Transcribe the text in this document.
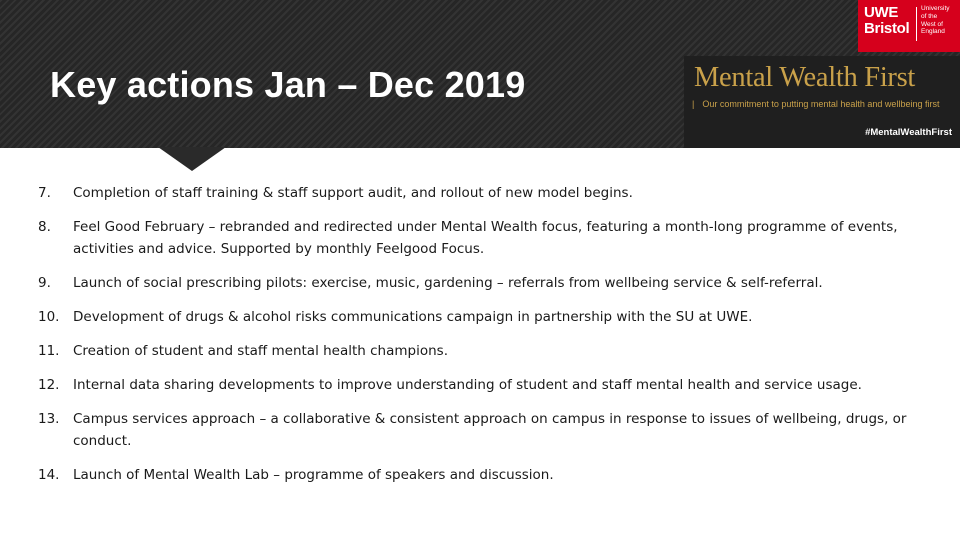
Key actions Jan – Dec 2019
UWE
Bristol
University
of the
West of
England
Mental Wealth First
| Our commitment to putting mental health and wellbeing first
#MentalWealthFirst
7. Completion of staff training & staff support audit, and rollout of new model begins.
8. Feel Good February – rebranded and redirected under Mental Wealth focus, featuring a month-long programme of events, activities and advice. Supported by monthly Feelgood Focus.
9. Launch of social prescribing pilots: exercise, music, gardening – referrals from wellbeing service & self-referral.
10. Development of drugs & alcohol risks communications campaign in partnership with the SU at UWE.
11. Creation of student and staff mental health champions.
12. Internal data sharing developments to improve understanding of student and staff mental health and service usage.
13. Campus services approach – a collaborative & consistent approach on campus in response to issues of wellbeing, drugs, or conduct.
14. Launch of Mental Wealth Lab – programme of speakers and discussion.
